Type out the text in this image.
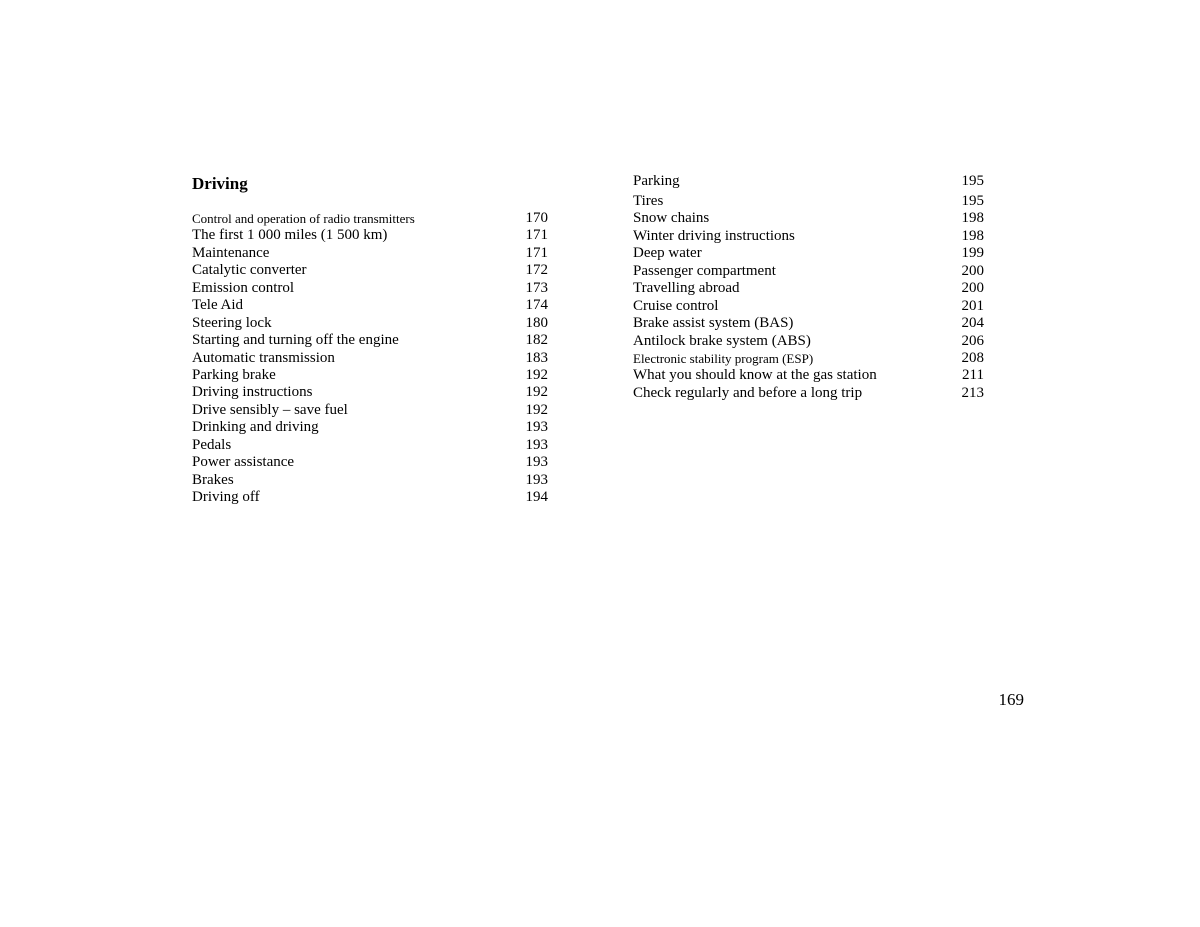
Driving
Control and operation of radio transmitters	170
The first 1 000 miles (1 500 km)	171
Maintenance	171
Catalytic converter	172
Emission control	173
Tele Aid	174
Steering lock	180
Starting and turning off the engine	182
Automatic transmission	183
Parking brake	192
Driving instructions	192
Drive sensibly – save fuel	192
Drinking and driving	193
Pedals	193
Power assistance	193
Brakes	193
Driving off	194
Parking	195
Tires	195
Snow chains	198
Winter driving instructions	198
Deep water	199
Passenger compartment	200
Travelling abroad	200
Cruise control	201
Brake assist system (BAS)	204
Antilock brake system (ABS)	206
Electronic stability program (ESP)	208
What you should know at the gas station	211
Check regularly and before a long trip	213
169
